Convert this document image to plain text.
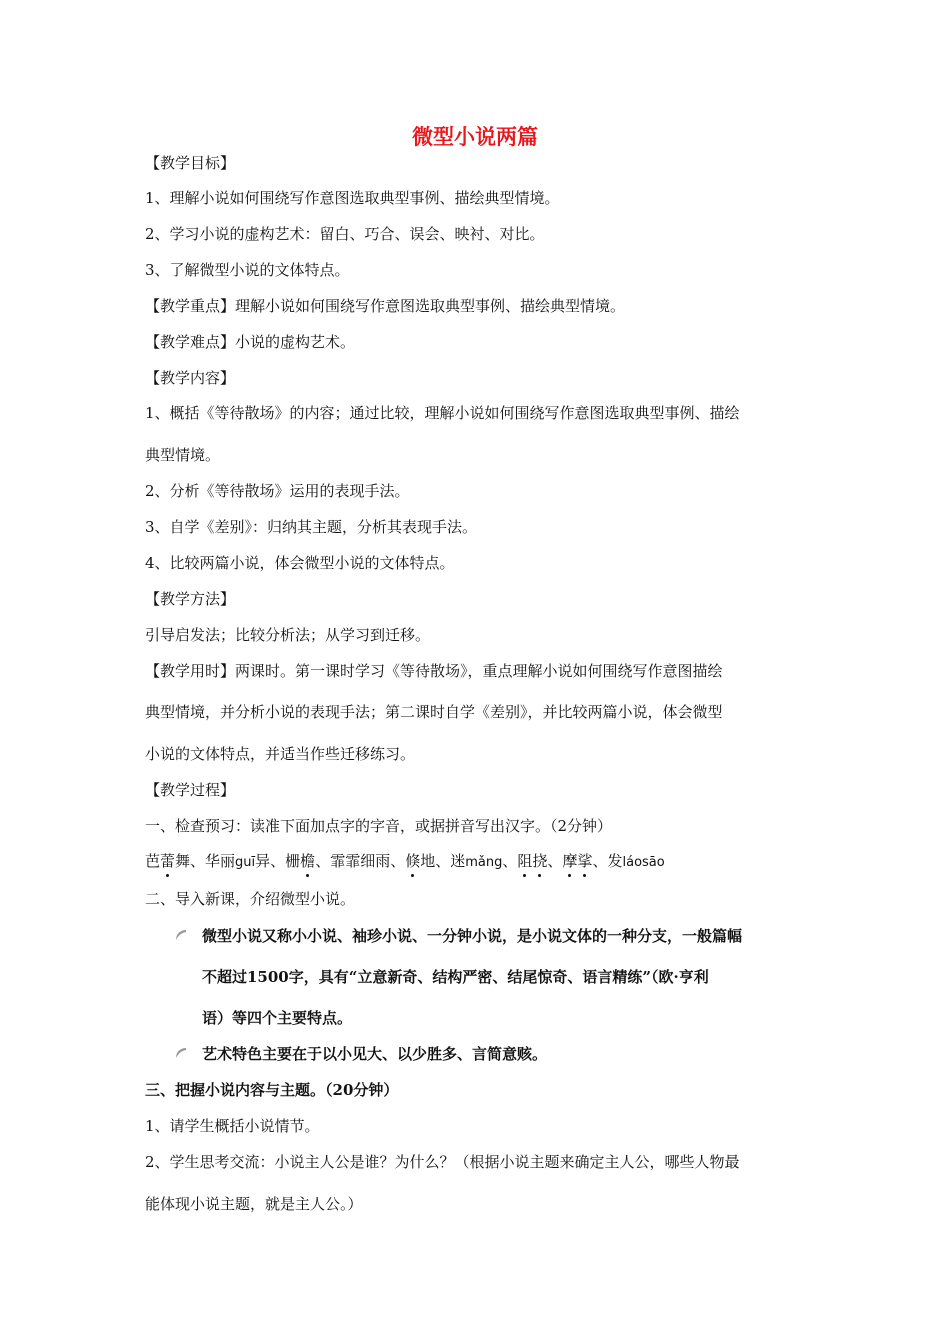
微型小说两篇
【教学目标】
1、理解小说如何围绕写作意图选取典型事例、描绘典型情境。
2、学习小说的虚构艺术：留白、巧合、误会、映衬、对比。
3、了解微型小说的文体特点。
【教学重点】理解小说如何围绕写作意图选取典型事例、描绘典型情境。
【教学难点】小说的虚构艺术。
【教学内容】
1、概括《等待散场》的内容；通过比较，理解小说如何围绕写作意图选取典型事例、描绘
典型情境。
2、分析《等待散场》运用的表现手法。
3、自学《差别》：归纳其主题，分析其表现手法。
4、比较两篇小说，体会微型小说的文体特点。
【教学方法】
引导启发法；比较分析法；从学习到迁移。
【教学用时】两课时。第一课时学习《等待散场》，重点理解小说如何围绕写作意图描绘
典型情境，并分析小说的表现手法；第二课时自学《差别》，并比较两篇小说，体会微型
小说的文体特点，并适当作些迁移练习。
【教学过程】
一、检查预习：读准下面加点字的字音，或据拼音写出汉字。（2分钟）
芭蕾舞、华丽guī异、栅檐、霏霏细雨、倏地、迷mǎng、阻挠、摩挲、发láosāo
二、导入新课，介绍微型小说。
微型小说又称小小说、袖珍小说、一分钟小说，是小说文体的一种分支，一般篇幅
不超过1500字，具有“立意新奇、结构严密、结尾惊奇、语言精练”（欧·亨利
语）等四个主要特点。
艺术特色主要在于以小见大、以少胜多、言简意赅。
三、把握小说内容与主题。（20分钟）
1、请学生概括小说情节。
2、学生思考交流：小说主人公是谁？为什么？（根据小说主题来确定主人公，哪些人物最
能体现小说主题，就是主人公。）
